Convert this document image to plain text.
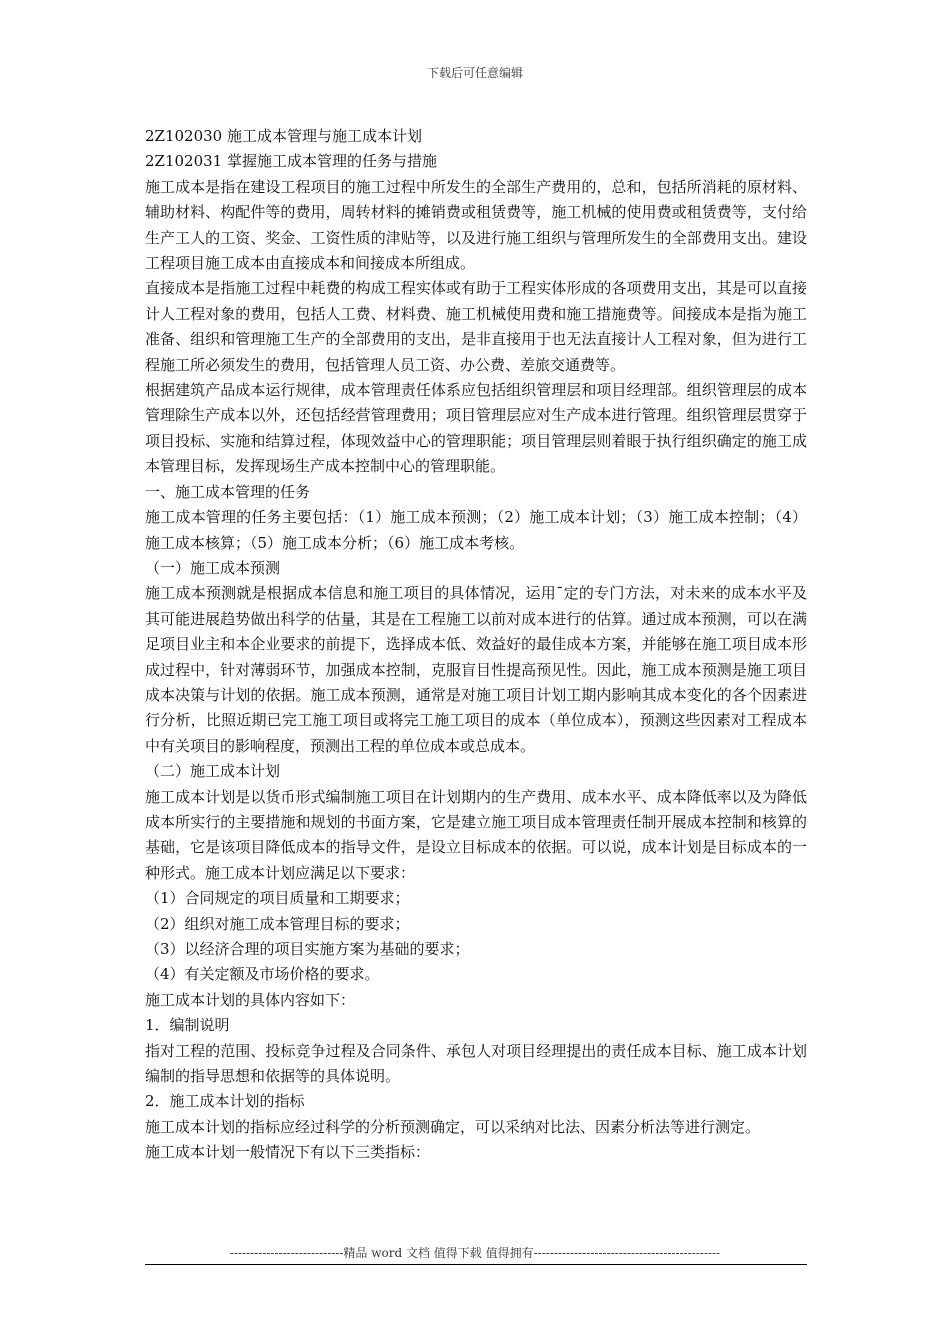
下载后可任意编辑

2Z102030 施工成本管理与施工成本计划

2Z102031 掌握施工成本管理的任务与措施

施工成本是指在建设工程项目的施工过程中所发生的全部生产费用的，总和，包括所消耗的原材料、辅助材料、构配件等的费用，周转材料的摊销费或租赁费等，施工机械的使用费或租赁费等，支付给生产工人的工资、奖金、工资性质的津贴等，以及进行施工组织与管理所发生的全部费用支出。建设工程项目施工成本由直接成本和间接成本所组成。

直接成本是指施工过程中耗费的构成工程实体或有助于工程实体形成的各项费用支出，其是可以直接计人工程对象的费用，包括人工费、材料费、施工机械使用费和施工措施费等。间接成本是指为施工准备、组织和管理施工生产的全部费用的支出，是非直接用于也无法直接计人工程对象，但为进行工程施工所必须发生的费用，包括管理人员工资、办公费、差旅交通费等。

根据建筑产品成本运行规律，成本管理责任体系应包括组织管理层和项目经理部。组织管理层的成本管理除生产成本以外，还包括经营管理费用；项目管理层应对生产成本进行管理。组织管理层贯穿于项目投标、实施和结算过程，体现效益中心的管理职能；项目管理层则着眼于执行组织确定的施工成本管理目标，发挥现场生产成本控制中心的管理职能。

一、施工成本管理的任务

施工成本管理的任务主要包括：（1）施工成本预测；（2）施工成本计划；（3）施工成本控制；（4）施工成本核算；（5）施工成本分析；（6）施工成本考核。

（一）施工成本预测

施工成本预测就是根据成本信息和施工项目的具体情况，运用ˉ定的专门方法，对未来的成本水平及其可能进展趋势做出科学的估量，其是在工程施工以前对成本进行的估算。通过成本预测，可以在满足项目业主和本企业要求的前提下，选择成本低、效益好的最佳成本方案，并能够在施工项目成本形成过程中，针对薄弱环节，加强成本控制，克服盲目性提高预见性。因此，施工成本预测是施工项目成本决策与计划的依据。施工成本预测，通常是对施工项目计划工期内影响其成本变化的各个因素进行分析，比照近期已完工施工项目或将完工施工项目的成本（单位成本），预测这些因素对工程成本中有关项目的影响程度，预测出工程的单位成本或总成本。

（二）施工成本计划

施工成本计划是以货币形式编制施工项目在计划期内的生产费用、成本水平、成本降低率以及为降低成本所实行的主要措施和规划的书面方案，它是建立施工项目成本管理责任制开展成本控制和核算的基础，它是该项目降低成本的指导文件，是设立目标成本的依据。可以说，成本计划是目标成本的一种形式。施工成本计划应满足以下要求：

（1）合同规定的项目质量和工期要求；

（2）组织对施工成本管理目标的要求；

（3）以经济合理的项目实施方案为基础的要求；

（4）有关定额及市场价格的要求。

施工成本计划的具体内容如下：

1．编制说明

指对工程的范围、投标竞争过程及合同条件、承包人对项目经理提出的责任成本目标、施工成本计划编制的指导思想和依据等的具体说明。

2．施工成本计划的指标

施工成本计划的指标应经过科学的分析预测确定，可以采纳对比法、因素分析法等进行测定。

施工成本计划一般情况下有以下三类指标：

----------------------------精品 word 文档 值得下载 值得拥有----------------------------------------------
